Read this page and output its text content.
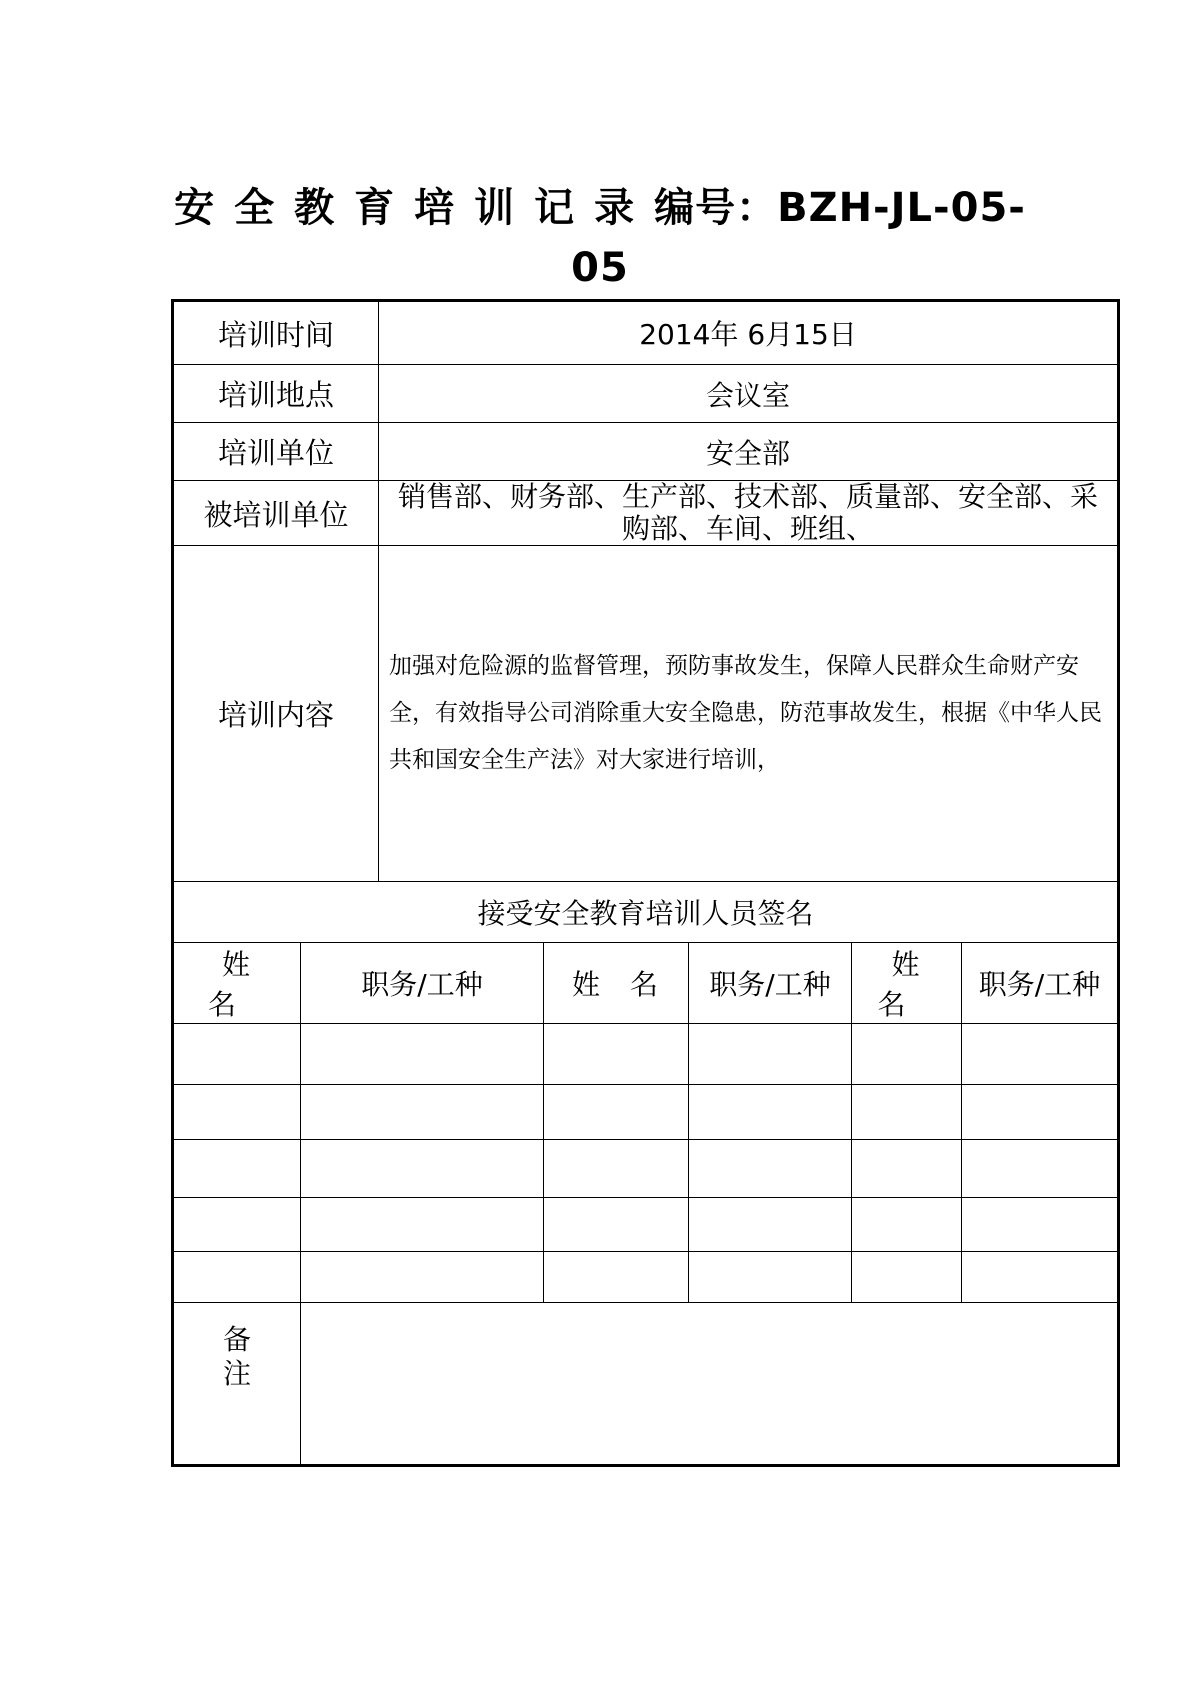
安全教育培训记录编号：BZH-JL-05-05
培训时间		2014年 6月15日				
培训地点		会议室				
培训单位		安全部				
被培训单位		销售部、财务部、生产部、技术部、质量部、安全部、采购部、车间、班组、				
培训内容		加强对危险源的监督管理，预防事故发生，保障人民群众生命财产安全，有效指导公司消除重大安全隐患，防范事故发生，根据《中华人民共和国安全生产法》对大家进行培训，				
接受安全教育培训人员签名						
姓名	职务/工种		姓名	职务/工种	姓名	职务/工种

备注						
